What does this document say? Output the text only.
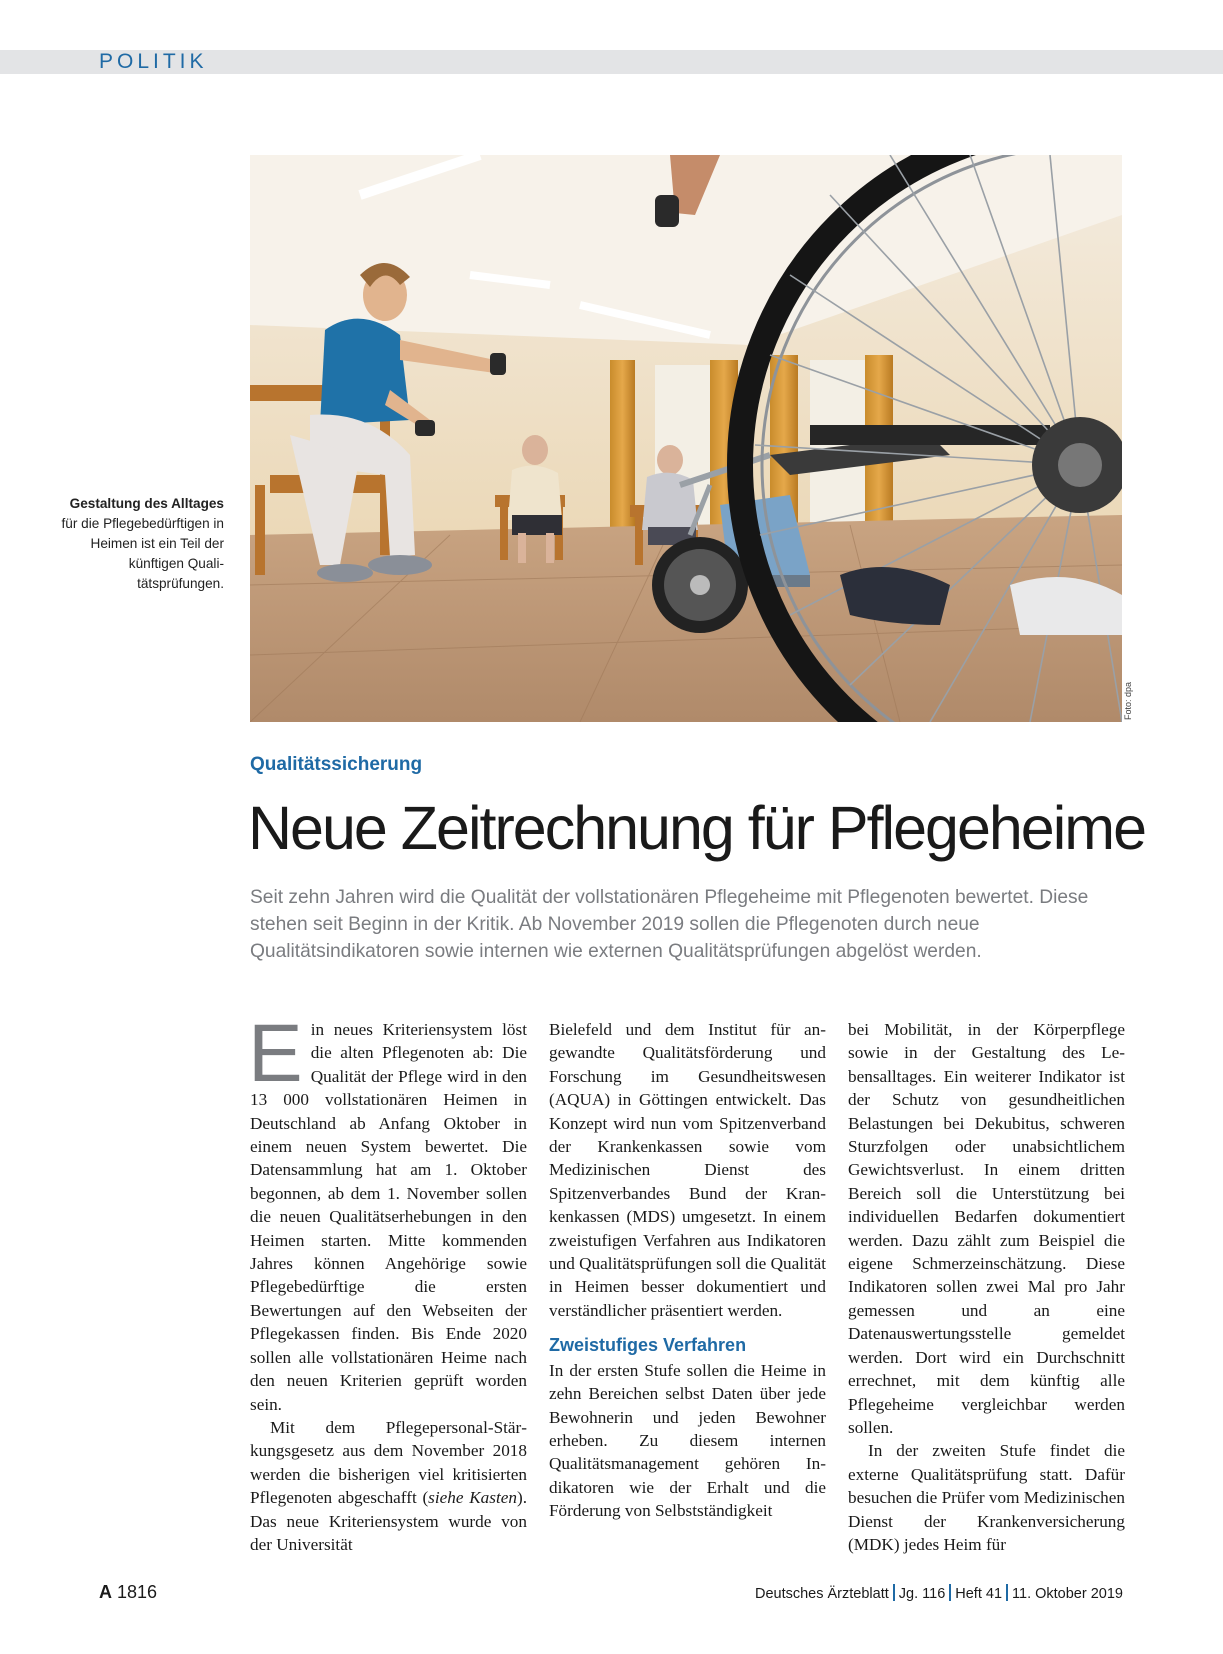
POLITIK
Gestaltung des Alltages für die Pflegebedürftigen in Heimen ist ein Teil der künftigen Qualitätsprüfungen.
Foto: dpa
Qualitätssicherung
Neue Zeitrechnung für Pflegeheime
Seit zehn Jahren wird die Qualität der vollstationären Pflegeheime mit Pflegenoten bewertet. Diese stehen seit Beginn in der Kritik. Ab November 2019 sollen die Pflegenoten durch neue Qualitätsindikatoren sowie internen wie externen Qualitätsprüfungen abgelöst werden.

Ein neues Kriteriensystem löst die alten Pflegenoten ab: Die Qualität der Pflege wird in den 13 000 vollstationären Heimen in Deutschland ab Anfang Oktober in einem neuen System bewertet. Die Datensammlung hat am 1. Oktober begonnen, ab dem 1. November sollen die neuen Qualitätserhebungen in den Heimen starten. Mitte kommenden Jahres können Angehörige sowie Pflegebedürftige die ersten Bewertungen auf den Webseiten der Pflegekassen finden. Bis Ende 2020 sollen alle vollstationären Heime nach den neuen Kriterien geprüft worden sein.

Mit dem Pflegepersonal-Stärkungsgesetz aus dem November 2018 werden die bisherigen viel kritisierten Pflegenoten abgeschafft (siehe Kasten). Das neue Kriteriensystem wurde von der Universität

Bielefeld und dem Institut für angewandte Qualitätsförderung und Forschung im Gesundheitswesen (AQUA) in Göttingen entwickelt. Das Konzept wird nun vom Spitzenverband der Krankenkassen sowie vom Medizinischen Dienst des Spitzenverbandes Bund der Krankenkassen (MDS) umgesetzt. In einem zweistufigen Verfahren aus Indikatoren und Qualitätsprüfungen soll die Qualität in Heimen besser dokumentiert und verständlicher präsentiert werden.

Zweistufiges Verfahren

In der ersten Stufe sollen die Heime in zehn Bereichen selbst Daten über jede Bewohnerin und jeden Bewohner erheben. Zu diesem internen Qualitätsmanagement gehören Indikatoren wie der Erhalt und die Förderung von Selbstständigkeit

bei Mobilität, in der Körperpflege sowie in der Gestaltung des Lebensalltages. Ein weiterer Indikator ist der Schutz von gesundheitlichen Belastungen bei Dekubitus, schweren Sturzfolgen oder unabsichtlichem Gewichtsverlust. In einem dritten Bereich soll die Unterstützung bei individuellen Bedarfen dokumentiert werden. Dazu zählt zum Beispiel die eigene Schmerzeinschätzung. Diese Indikatoren sollen zwei Mal pro Jahr gemessen und an eine Datenauswertungsstelle gemeldet werden. Dort wird ein Durchschnitt errechnet, mit dem künftig alle Pflegeheime vergleichbar werden sollen.

In der zweiten Stufe findet die externe Qualitätsprüfung statt. Dafür besuchen die Prüfer vom Medizinischen Dienst der Krankenversicherung (MDK) jedes Heim für

A 1816	Deutsches Ärzteblatt Jg. 116 Heft 41 11. Oktober 2019
